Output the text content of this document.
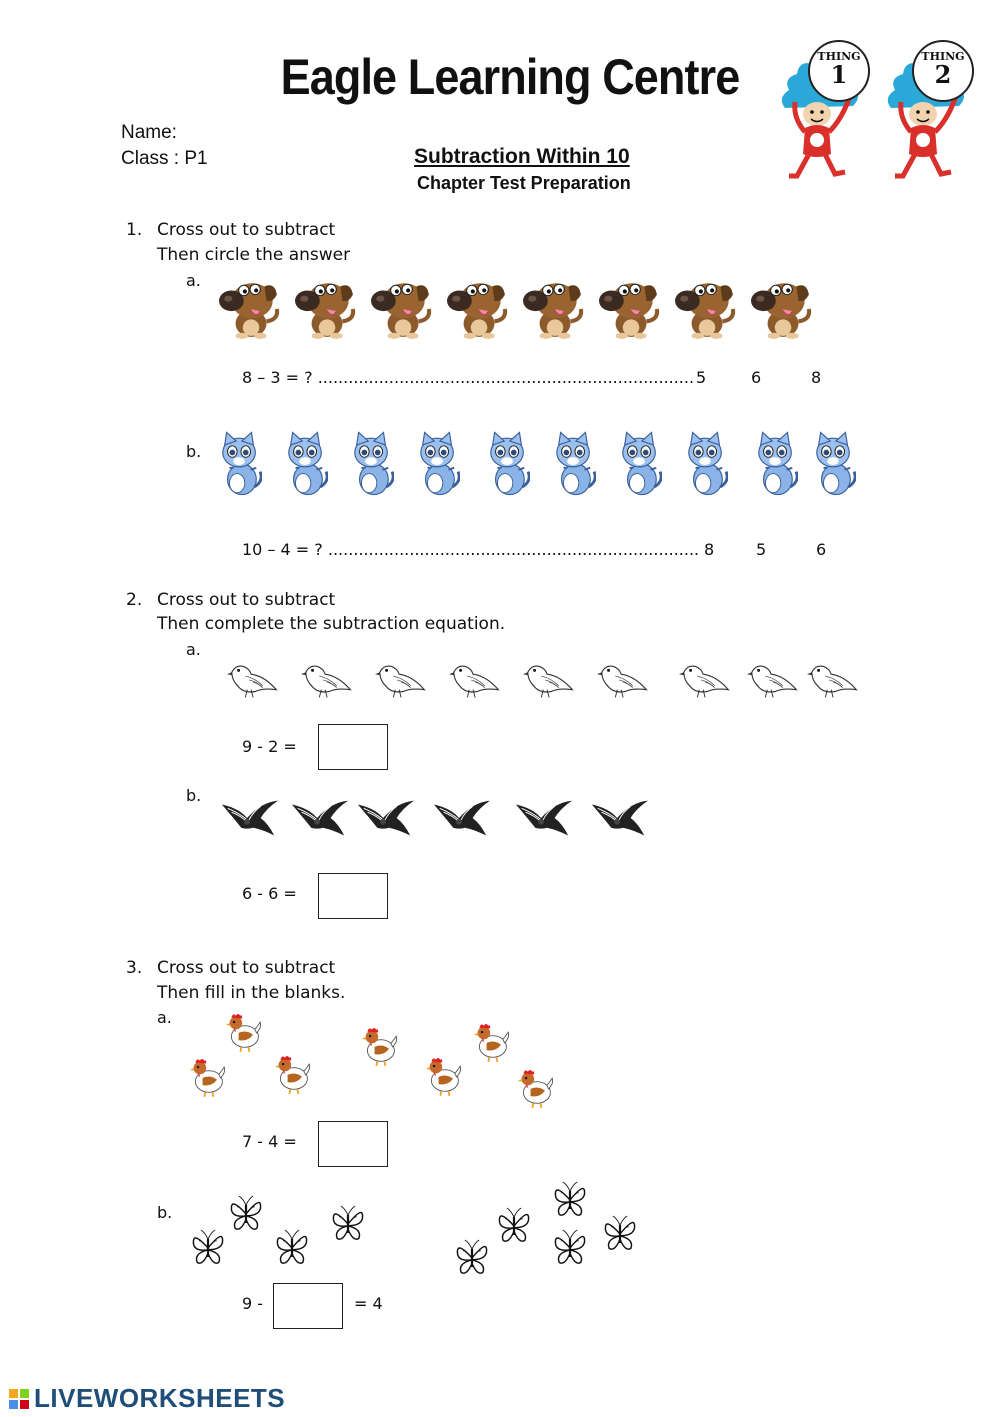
Eagle Learning Centre
Name:
Class : P1	Subtraction Within 10
Chapter Test Preparation
THING
1
THING
2
1. Cross out to subtract
Then circle the answer
a.
8 – 3 = ? .......................................................................... 5	6	8
b.
10 – 4 = ? ......................................................................... 8	5	6
2. Cross out to subtract
Then complete the subtraction equation.
a.
9 - 2 =
b.
6 - 6 =
3. Cross out to subtract
Then fill in the blanks.
a.
7 - 4 =
b.
9 -	= 4
LIVEWORKSHEETS
